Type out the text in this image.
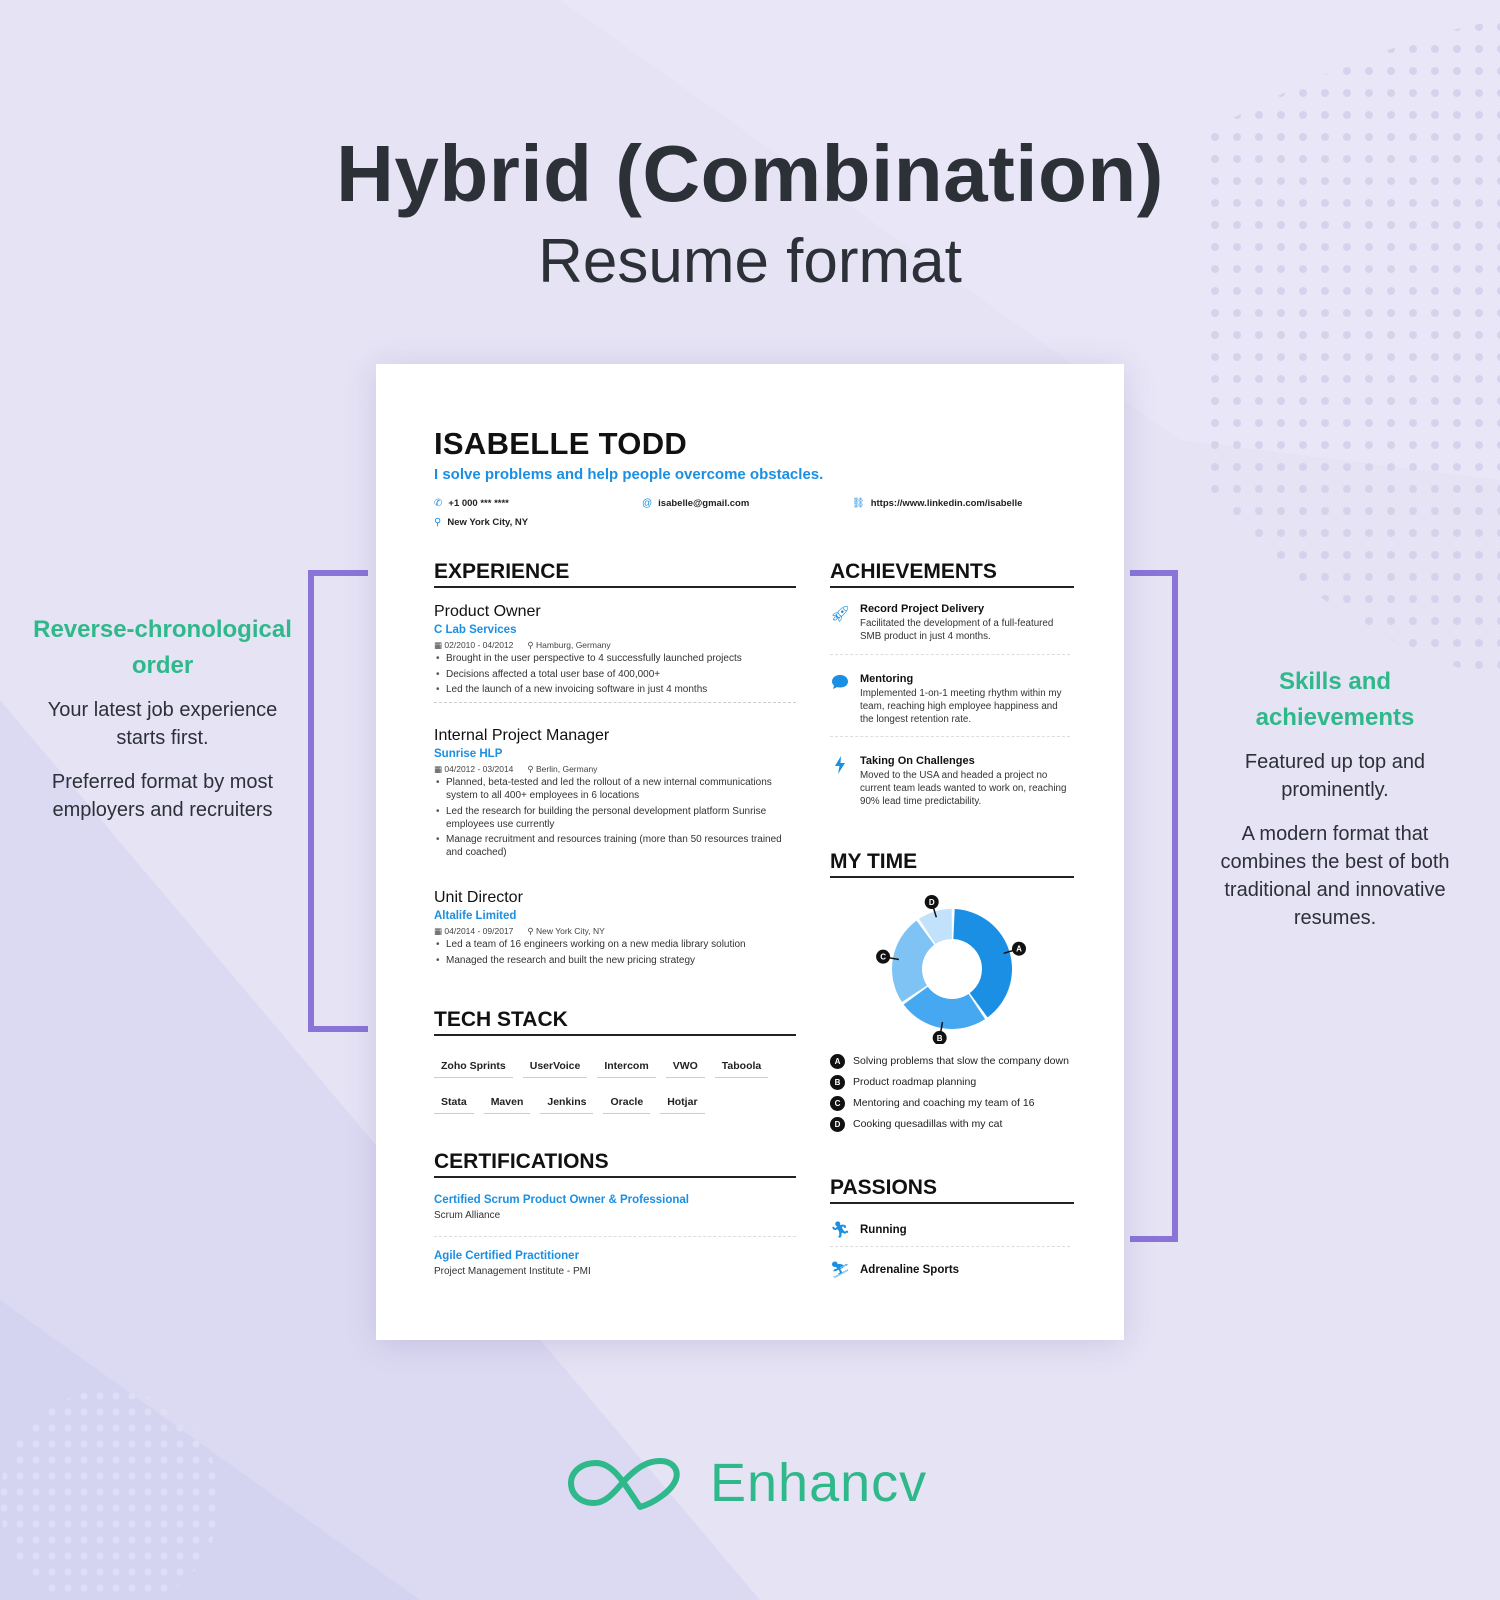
Hybrid (Combination)
Resume format
Reverse-chronological order

Your latest job experience starts first.

Preferred format by most employers and recruiters

Skills and achievements

Featured up top and prominently.

A modern format that combines the best of both traditional and innovative resumes.

ISABELLE TODD
I solve problems and help people overcome obstacles.
✆ +1 000 *** ****	@ isabelle@gmail.com	⛓ https://www.linkedin.com/isabelle
⚲ New York City, NY
EXPERIENCE
Product Owner
C Lab Services
▦ 02/2010 - 04/2012 ⚲ Hamburg, Germany
• Brought in the user perspective to 4 successfully launched projects
• Decisions affected a total user base of 400,000+
• Led the launch of a new invoicing software in just 4 months
Internal Project Manager
Sunrise HLP
▦ 04/2012 - 03/2014 ⚲ Berlin, Germany
• Planned, beta-tested and led the rollout of a new internal communications system to all 400+ employees in 6 locations
• Led the research for building the personal development platform Sunrise employees use currently
• Manage recruitment and resources training (more than 50 resources trained and coached)
Unit Director
Altalife Limited
▦ 04/2014 - 09/2017 ⚲ New York City, NY
• Led a team of 16 engineers working on a new media library solution
• Managed the research and built the new pricing strategy
TECH STACK
Zoho Sprints	UserVoice	Intercom	VWO	Taboola
Stata	Maven	Jenkins	Oracle	Hotjar
CERTIFICATIONS
Certified Scrum Product Owner & Professional
Scrum Alliance
Agile Certified Practitioner
Project Management Institute - PMI
ACHIEVEMENTS
🚀︎ Record Project Delivery
Facilitated the development of a full-featured SMB product in just 4 months.
Mentoring
Implemented 1-on-1 meeting rhythm within my team, reaching high employee happiness and the longest retention rate.
Taking On Challenges
Moved to the USA and headed a project no current team leads wanted to work on, reaching 90% lead time predictability.
MY TIME
A
B
C
D
A	Solving problems that slow the company down
B	Product roadmap planning
C	Mentoring and coaching my team of 16
D	Cooking quesadillas with my cat
PASSIONS
🏃︎ Running
⛷︎ Adrenaline Sports
Enhancv
